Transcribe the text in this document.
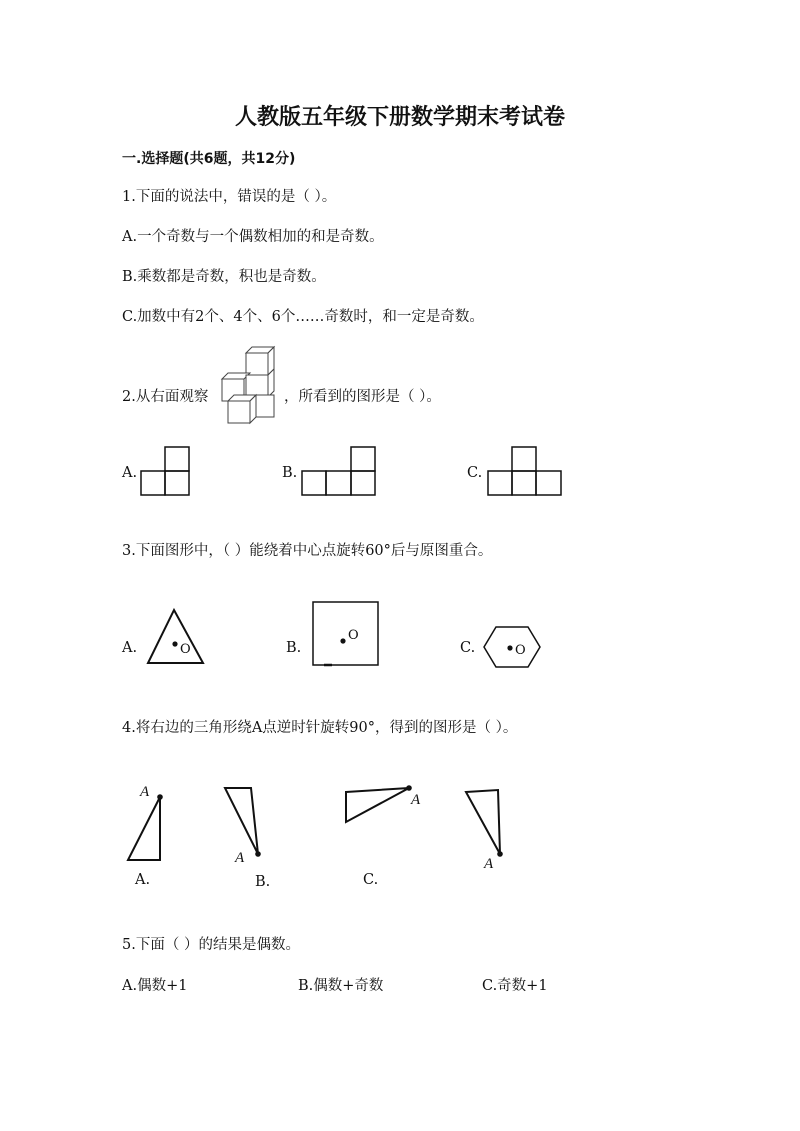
人教版五年级下册数学期末考试卷
一.选择题(共6题，共12分)
1.下面的说法中，错误的是（ ）。
A.一个奇数与一个偶数相加的和是奇数。
B.乘数都是奇数，积也是奇数。
C.加数中有2个、4个、6个……奇数时，和一定是奇数。
2.从右面观察	，所看到的图形是（ ）。
A.	B.	C.
3.下面图形中，（ ）能绕着中心点旋转60°后与原图重合。
A.	O	B.
O
C.	O
4.将右边的三角形绕A点逆时针旋转90°，得到的图形是（ ）。
A
A.
A
B.
A
C.
A
5.下面（ ）的结果是偶数。
A.偶数+1	B.偶数+奇数	C.奇数+1
